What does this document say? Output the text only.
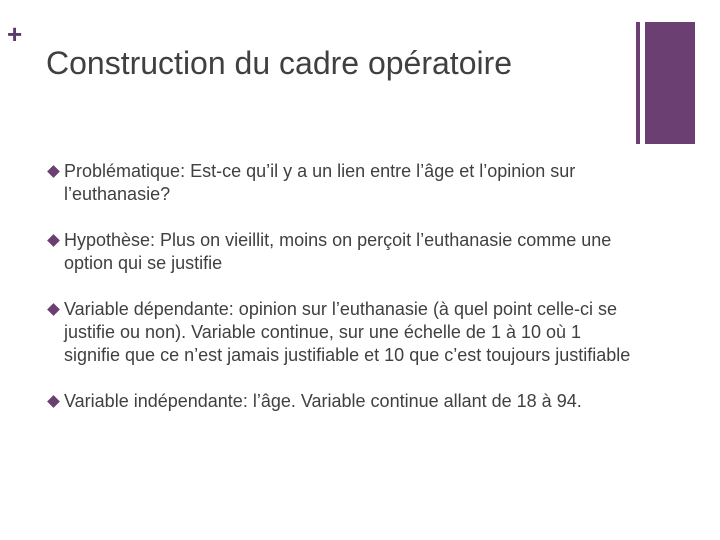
+
Construction du cadre opératoire
Problématique: Est-ce qu’il y a un lien entre l’âge et l’opinion sur l’euthanasie?
Hypothèse: Plus on vieillit, moins on perçoit l’euthanasie comme une option qui se justifie
Variable dépendante: opinion sur l’euthanasie (à quel point celle-ci se justifie ou non). Variable continue, sur une échelle de 1 à 10 où 1 signifie que ce n’est jamais justifiable et 10 que c’est toujours justifiable
Variable indépendante: l’âge. Variable continue allant de 18 à 94.
